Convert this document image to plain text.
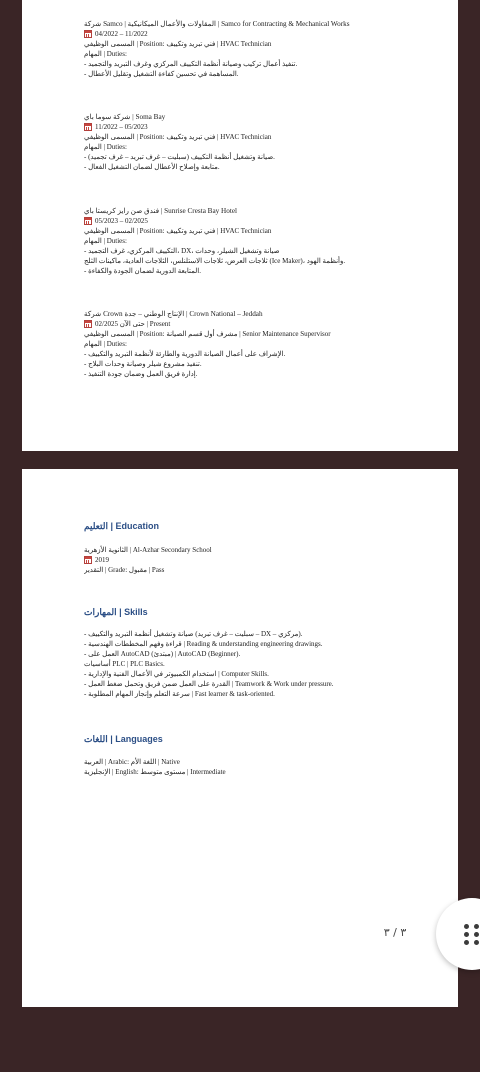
شركة Samco | المقاولات والأعمال الميكانيكية | Samco for Contracting & Mechanical Works
04/2022 – 11/2022
المسمى الوظيفي | Position: فني تبريد وتكييف | HVAC Technician
المهام | Duties:
- تنفيذ أعمال تركيب وصيانة أنظمة التكييف المركزي وغرف التبريد والتجميد.
- المساهمة في تحسين كفاءة التشغيل وتقليل الأعطال.
شركة سوما باي | Soma Bay
11/2022 – 05/2023
المسمى الوظيفي | Position: فني تبريد وتكييف | HVAC Technician
المهام | Duties:
- صيانة وتشغيل أنظمة التكييف (سبليت – غرف تبريد – غرف تجميد).
- متابعة وإصلاح الأعطال لضمان التشغيل الفعال.
فندق صن رايز كريستا باي | Sunrise Cresta Bay Hotel
05/2023 – 02/2025
المسمى الوظيفي | Position: فني تبريد وتكييف | HVAC Technician
المهام | Duties:
- التكييف المركزي، غرف التجميد، DX، صيانة وتشغيل الشيلر، وحدات
ثلاجات العرض، ثلاجات الاستلنلس، الثلاجات العادية، ماكينات الثلج (Ice Maker)، وأنظمة الهود.
- المتابعة الدورية لضمان الجودة والكفاءة.
شركة Crown الإنتاج الوطني – جدة | Crown National – Jeddah
02/2025 حتى الآن | Present
المسمى الوظيفي | Position: مشرف أول قسم الصيانة | Senior Maintenance Supervisor
المهام | Duties:
- الإشراف على أعمال الصيانة الدورية والطارئة لأنظمة التبريد والتكييف.
- تنفيذ مشروع شيلر وصيانة وحدات البلاج.
- إدارة فريق العمل وضمان جودة التنفيذ.
التعليم | Education
الثانوية الأزهرية | Al-Azhar Secondary School
2019
التقدير | Grade: مقبول | Pass
المهارات | Skills
- صيانة وتشغيل أنظمة التبريد والتكييف (سبليت – غرف تبريد – DX – مركزي).
- قراءة وفهم المخططات الهندسية | Reading & understanding engineering drawings.
- العمل على AutoCAD (مبتدئ) | AutoCAD (Beginner).
أساسيات PLC | PLC Basics.
- استخدام الكمبيوتر في الأعمال الفنية والإدارية | Computer Skills.
- القدرة على العمل ضمن فريق وتحمل ضغط العمل | Teamwork & Work under pressure.
- سرعة التعلم وإنجاز المهام المطلوبة | Fast learner & task-oriented.
اللغات | Languages
العربية | Arabic: اللغة الأم | Native
الإنجليزية | English: مستوى متوسط | Intermediate
٣ / ٣
